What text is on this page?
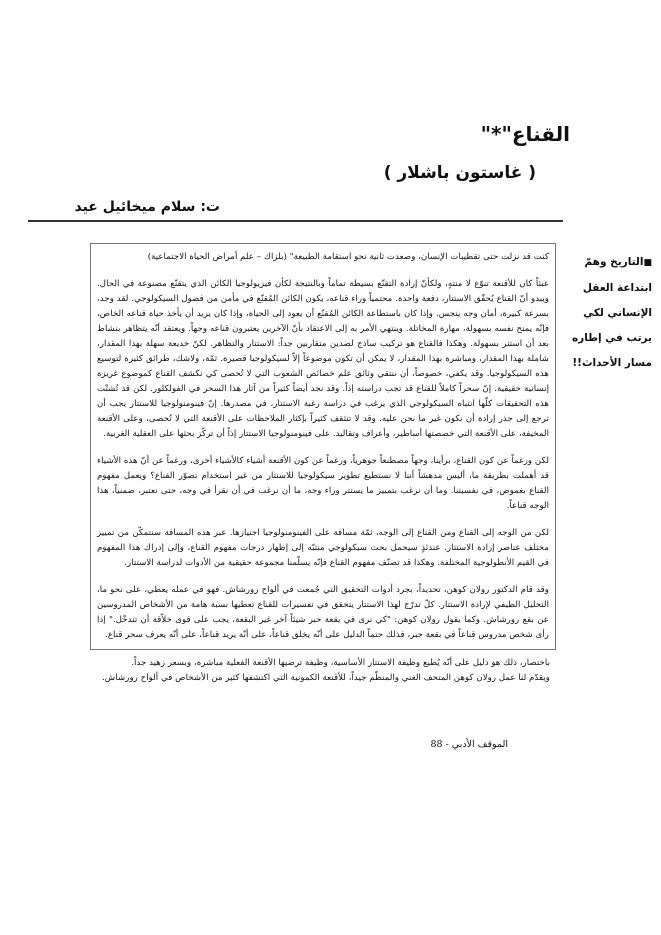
القناع"*"
( غاستون باشلار )
ت: سلام ميخائيل عيد
■التاريخ وهمّ ابتداعة العقل الإنساني لكي يرتب في إطاره مسار الأحداث!!

كنت قد نزلت حتى تقطيبات الإنسان، وصعدت ثانية نحو استقامة الطبيعة" (بلزاك – علم أمراض الحياة الاجتماعية)

عبثاً كان للأقنعة تنوّع لا منتهٍ، ولكأنّ إرادة التقنّع بسيطة تماماً وبالنتيجة لكأن فيزيولوجيا الكائن الذي يتقنّع مصنوعة في الحال. ويبدو أنّ القناع يُحقّق الاستتار، دفعة واحدة. محتمياً وراء قناعه، يكون الكائن المُقنّع في مأمن من فضول السيكولوجي. لقد وجد، بسرعة كبيرة، أمان وجه ينجس. وإذا كان باستطاعة الكائن المُقنّع أن يعود إلى الحياة، وإذا كان يريد أن يأخذ حياة قناعه الخاص، فإنّه يمنح نفسه بسهولة، مهارة المخاتلة. وينتهي الأمر به إلى الاعتقاد بأنّ الآخرين يعتبرون قناعه وجهاً. ويعتقد أنّه يتظاهر بنشاط بعد أن استتر بسهولة. وهكذا فالقناع هو تركيب ساذج لضدين متقاربين جداً: الاستتار والتظاهر. لكنّ خديعة سهلة بهذا المقدار، شاملة بهذا المقدار، ومباشرة بهذا المقدار، لا يمكن أن تكون موضوعاً إلاّ لسيكولوجيا قصيرة. ثمّة، ولاشك، طرائق كثيرة لتوسيع هذه السيكولوجيا. وقد يكفي، خصوصاً، أن ننتقي وثائق علم خصائص الشعوب التي لا تُحصى كي نكشف القناع كموضوع غريزة إنسانية حقيقية. إنّ سحراً كاملاً للقناع قد تجب دراسته إذاً. وقد نجد أيضاً كثيراً من آثار هذا السحر في الفولكلور. لكن قد تُشتّت هذه التحقيقات كلّها انتباه السيكولوجي الذي يرغب في دراسة رغبة الاستتار، في مصدرها. إنّ فينومنولوجيا للاستتار يجب أن ترجع إلى جذر إرادة أن نكون غير ما نحن عليه. وقد لا تتثقف كثيراً بإكثار الملاحظات على الأقنعة التي لا تُحصى، وعلى الأقنعة المخيفة، على الأقنعة التي خصصتها أساطير، وأعراف وتقاليد. على فينومنولوجيا الاستتار إذاً أن تركّز بحثها على العقلية الغربية.

لكن ورغماً عن كون القناع، برأينا، وجهاً مصطنعاً جوهرياً، ورغماً عن كون الأقنعة أشياء كالأشياء أخرى، ورغماً عن أنّ هذه الأشياء قد أهملت بطريقة ما، أليس مدهشاً أننا لا نستطيع تطوير سيكولوجيا للاستتار من غير استخدام تصوّر القناع؟ ويعمل مفهوم القناع بغموض، في نفسيتنا. وما أن نرغب بتمييز ما يستتر وراء وجه، ما أن نرغب في أن نقرأ في وجه، حتى نعتبر، ضمنياً، هذا الوجه قناعاً.

لكن من الوجه إلى القناع ومن القناع إلى الوجه، ثمّة مسافة على الفينومنولوجيا اجتيازها. عبر هذه المسافة سنتمكّن من تمييز مختلف عناصر إرادة الاستتار. عندئذٍ سيحمل بحث سيكولوجي منتبّه إلى إظهار درجات مفهوم القناع، وإلى إدراك هذا المفهوم في القيم الأنطولوجية المختلفة. وهكذا قد تصنّف مفهوم القناع فإنّه يسلّمنا مجموعة حقيقية من الأدوات لدراسة الاستتار.

وقد قام الدكتور رولان كوهن، تحديداً، بجرد أدوات التحقيق التي جُمعت في ألواح رورشاش. فهو في عمله يعطي، على نحو ما، التحليل الطيفي لإرادة الاستتار. كلّ تدرّج لهذا الاستتار يتحقق في تفسيرات للقناع تعطيها نسبة هامة من الأشخاص المدروسين عن بقع رورشاش. وكما يقول رولان كوهن: "كي نرى في بقعة حبر شيئاً آخر غير البقعة، يجب على قوى خلاّقة أن تتدخّل." إذا رأى شخص مدروس قناعاً في بقعة حبر، فذلك حتماً الدليل على أنّه يخلق قناعاً، على أنّه يريد قناعاً، على أنّه يعرف سحر قناع.

باختصار، ذلك هو دليل على أنّه يُطيع وظيفة الاستتار الأساسية، وظيفة ترضيها الأقنعة الفعلية مباشرة، وبسعر زهيد جداً.

ويقدّم لنا عمل رولان كوهن المتحف الغني والمنظّم جيداً، للأقنعة الكمونية التي اكتشفها كثير من الأشخاص في ألواح رورشاش.

الموقف الأدبي - 88
